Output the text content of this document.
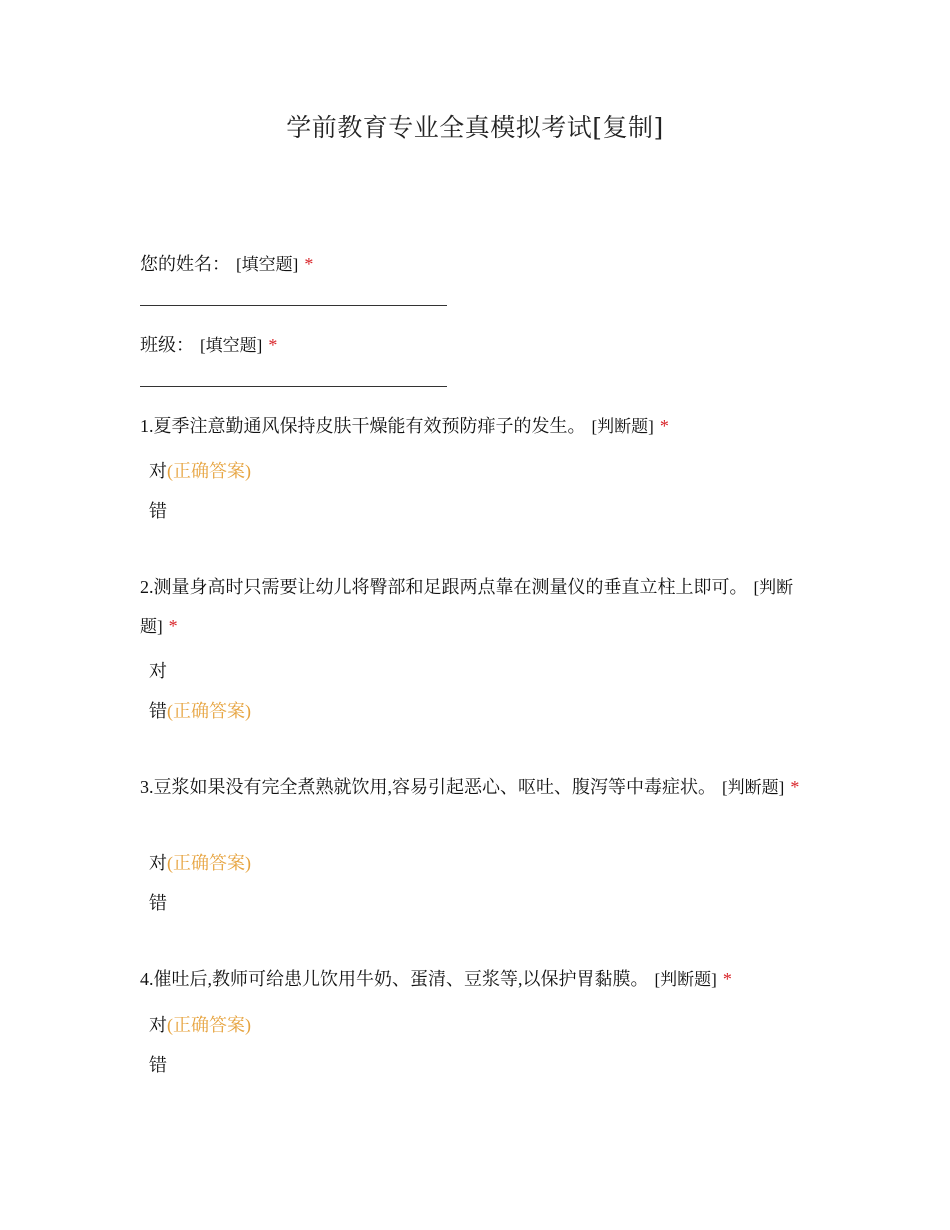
学前教育专业全真模拟考试[复制]
您的姓名： [填空题] *
班级： [填空题] *
1.夏季注意勤通风保持皮肤干燥能有效预防痱子的发生。 [判断题] *
对(正确答案)
错
2.测量身高时只需要让幼儿将臀部和足跟两点靠在测量仪的垂直立柱上即可。 [判断题] *
对
错(正确答案)
3.豆浆如果没有完全煮熟就饮用,容易引起恶心、呕吐、腹泻等中毒症状。 [判断题] *
对(正确答案)
错
4.催吐后,教师可给患儿饮用牛奶、蛋清、豆浆等,以保护胃黏膜。 [判断题] *
对(正确答案)
错
